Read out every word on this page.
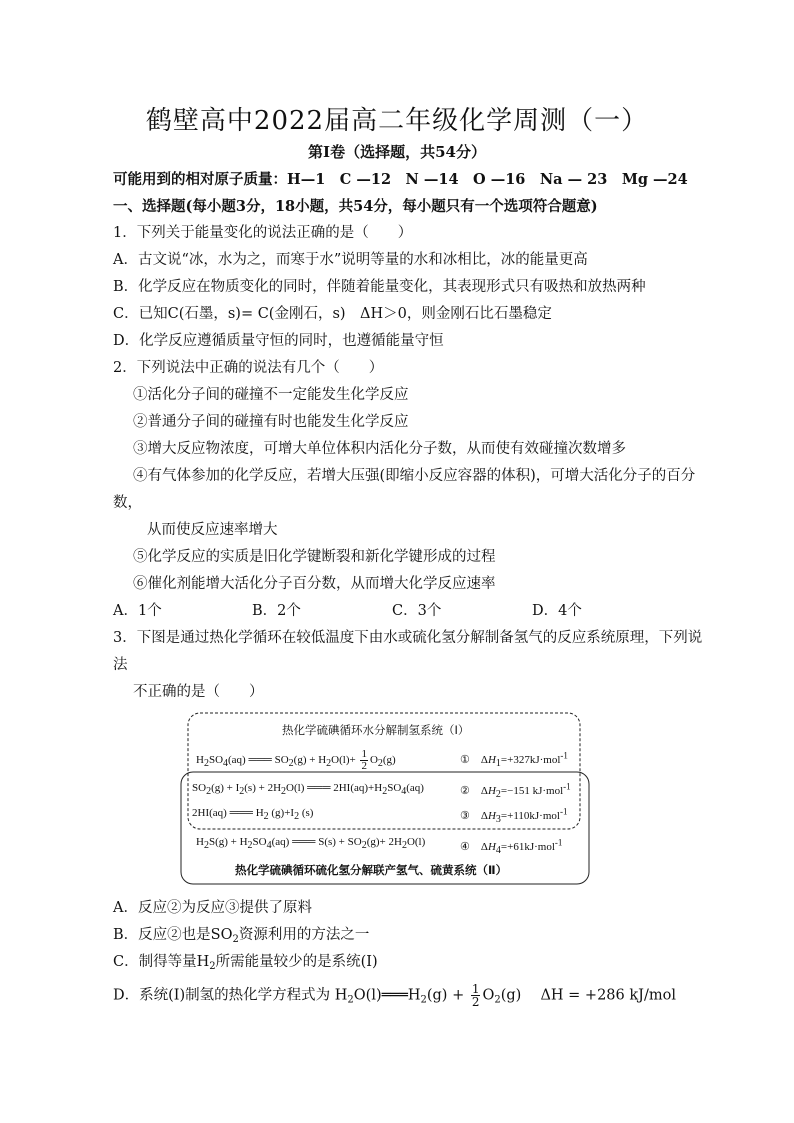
鹤壁高中2022届高二年级化学周测（一）
第Ⅰ卷（选择题，共54分）
可能用到的相对原子质量：H—1　C —12　N —14　O —16　Na — 23　Mg —24
一、选择题(每小题3分，18小题，共54分，每小题只有一个选项符合题意)
1．下列关于能量变化的说法正确的是（　　）
A．古文说“冰，水为之，而寒于水”说明等量的水和冰相比，冰的能量更高
B．化学反应在物质变化的同时，伴随着能量变化，其表现形式只有吸热和放热两种
C．已知C(石墨，s)= C(金刚石，s)　ΔH＞0，则金刚石比石墨稳定
D．化学反应遵循质量守恒的同时，也遵循能量守恒
2．下列说法中正确的说法有几个（　　）
①活化分子间的碰撞不一定能发生化学反应
②普通分子间的碰撞有时也能发生化学反应
③增大反应物浓度，可增大单位体积内活化分子数，从而使有效碰撞次数增多
④有气体参加的化学反应，若增大压强(即缩小反应容器的体积)，可增大活化分子的百分
数，
从而使反应速率增大
⑤化学反应的实质是旧化学键断裂和新化学键形成的过程
⑥催化剂能增大活化分子百分数，从而增大化学反应速率
A．1个	B．2个	C．3个	D．4个
3．下图是通过热化学循环在较低温度下由水或硫化氢分解制备氢气的反应系统原理，下列说
法
不正确的是（　　）
热化学硫碘循环水分解制氢系统（Ⅰ）
$H_2SO_4(aq)$ ═══ $SO_2(g) + H_2O(l)+ \frac{1}{2} O_2(g)$	①　$\Delta H_1=+327kJ\cdot mol^{-1}$
$SO_2(g) + I_2(s) + 2H_2O(l)$ ═══ $2HI(aq)+H_2SO_4(aq)$	②　$\Delta H_2=-151$ kJ·mol$^{-1}$
2HI(aq) ═══ $H_2$ $(g)+I_2$ (s)	③　$\Delta H_3=+110kJ\cdot mol^{-1}$
$H_2S(g) + H_2SO_4(aq)$ ═══ $S(s) + SO_2(g)+ 2H_2O(l)$	④　$\Delta H_4=+61kJ\cdot mol^{-1}$
热化学硫碘循环硫化氢分解联产氢气、硫黄系统（Ⅱ）
A．反应②为反应③提供了原料
B．反应②也是$SO_2$资源利用的方法之一
C．制得等量$H_2$所需能量较少的是系统(I)
D．系统(I)制氢的热化学方程式为 $H_2O(l)═══H_2(g) + \frac{1}{2} O_2(g)$　 ΔH = +286 kJ/mol
